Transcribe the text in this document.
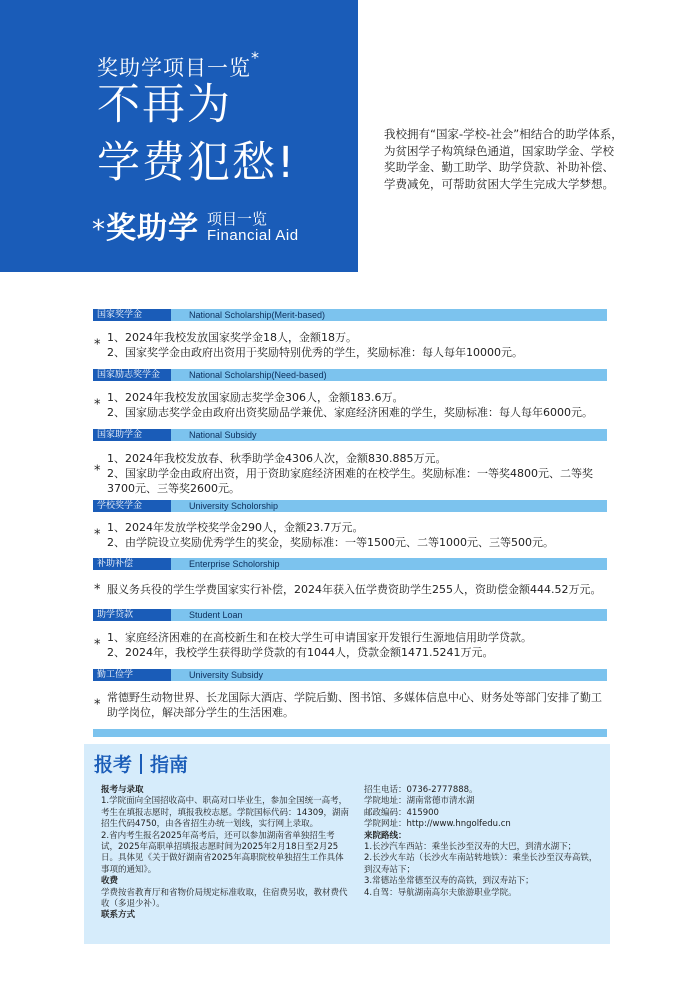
奖助学项目一览*
不再为
学费犯愁!
*奖助学 项目一览
Financial Aid
我校拥有“国家-学校-社会”相结合的助学体系，为贫困学子构筑绿色通道，国家助学金、学校奖助学金、勤工助学、助学贷款、补助补偿、学费减免，可帮助贫困大学生完成大学梦想。
国家奖学金	National Scholarship(Merit-based)
* 1、2024年我校发放国家奖学金18人，金额18万。
2、国家奖学金由政府出资用于奖励特别优秀的学生，奖励标准：每人每年10000元。
国家励志奖学金	National Scholarship(Need-based)
* 1、2024年我校发放国家励志奖学金306人，金额183.6万。
2、国家励志奖学金由政府出资奖励品学兼优、家庭经济困难的学生，奖励标准：每人每年6000元。
国家助学金	National Subsidy
*
1、2024年我校发放春、秋季助学金4306人次，金额830.885万元。
2、国家助学金由政府出资，用于资助家庭经济困难的在校学生。奖励标准：一等奖4800元、二等奖3700元、三等奖2600元。
学校奖学金	University Scholorship
* 1、2024年发放学校奖学金290人，金额23.7万元。
2、由学院设立奖励优秀学生的奖金，奖励标准：一等1500元、二等1000元、三等500元。
补助补偿	Enterprise Scholorship
* 服义务兵役的学生学费国家实行补偿，2024年获入伍学费资助学生255人，资助偿金额444.52万元。
助学贷款	Student Loan
* 1、家庭经济困难的在高校新生和在校大学生可申请国家开发银行生源地信用助学贷款。
2、2024年，我校学生获得助学贷款的有1044人，贷款金额1471.5241万元。
勤工俭学	University Subsidy
* 常德野生动物世界、长龙国际大酒店、学院后勤、图书馆、多媒体信息中心、财务处等部门安排了勤工助学岗位，解决部分学生的生活困难。
报考 指南
报考与录取
1.学院面向全国招收高中、职高对口毕业生，参加全国统一高考，考生在填报志愿时，填报我校志愿。学院国标代码：14309，湖南招生代码4750，由各省招生办统一划线，实行网上录取。
2.省内考生报名2025年高考后，还可以参加湖南省单独招生考试，2025年高职单招填报志愿时间为2025年2月18日至2月25日。具体见《关于做好湖南省2025年高职院校单独招生工作具体事项的通知》。
收费
学费按省教育厅和省物价局规定标准收取，住宿费另收，教材费代收（多退少补）。
联系方式
招生电话：0736-2777888。
学院地址：湖南常德市清水湖
邮政编码：415900
学院网址：http://www.hngolfedu.cn
来院路线：
1.长沙汽车西站：乘坐长沙至汉寿的大巴，到清水湖下；
2.长沙火车站（长沙火车南站转地铁）：乘坐长沙至汉寿高铁，到汉寿站下；
3.常德站坐常德至汉寿的高铁，到汉寿站下；
4.自驾：导航湖南高尔夫旅游职业学院。
